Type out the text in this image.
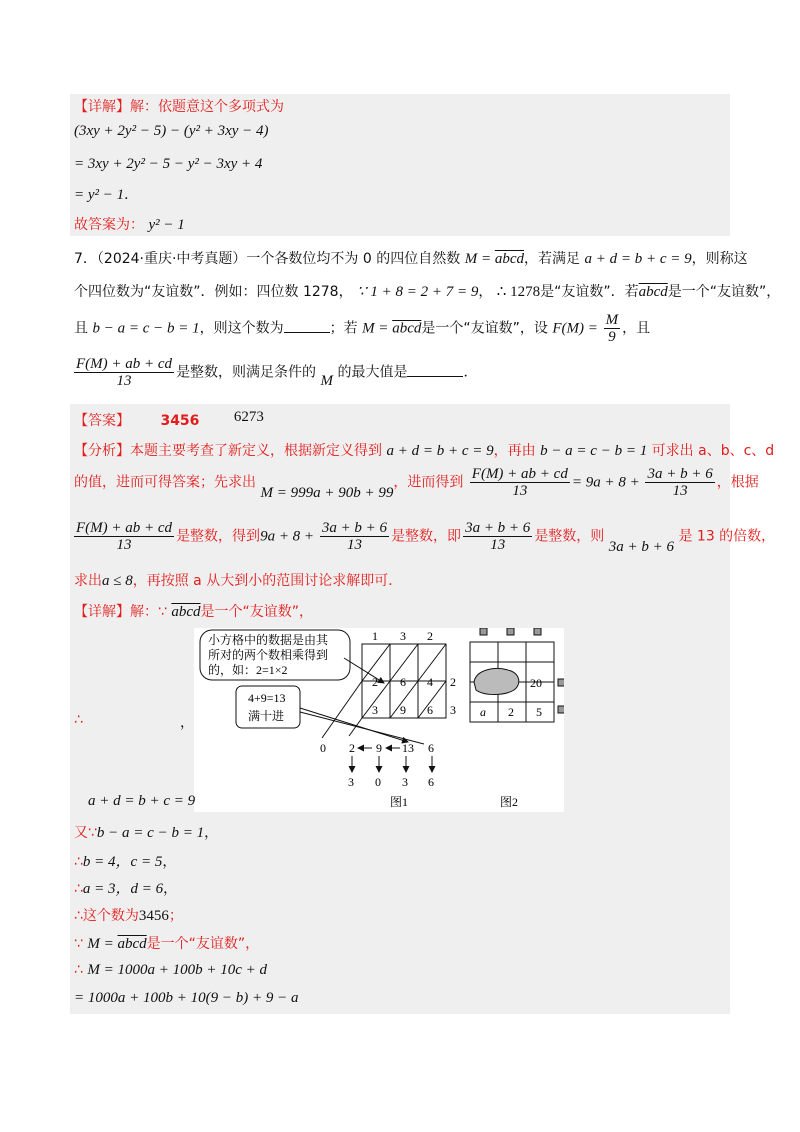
【详解】解：依题意这个多项式为
(3xy + 2y² − 5) − (y² + 3xy − 4)
= 3xy + 2y² − 5 − y² − 3xy + 4
= y² − 1．
故答案为： y² − 1
7．（2024·重庆·中考真题）一个各数位均不为 0 的四位自然数 M = abcd，若满足 a + d = b + c = 9，则称这
个四位数为“友谊数”．例如：四位数 1278， ∵ 1 + 8 = 2 + 7 = 9， ∴ 1278是“友谊数”．若abcd是一个“友谊数”，
且 b − a = c − b = 1，则这个数为	；若 M = abcd是一个“友谊数”，设 $F(M) = \frac{M}{9}$ ，且
$\frac{F(M) + ab + cd}{13}$ 是整数，则满足条件的 M 的最大值是	．
【答案】 3456 6273
【分析】本题主要考查了新定义，根据新定义得到 a + d = b + c = 9，再由 b − a = c − b = 1 可求出 a、b、c、d
的值，进而可得答案；先求出 M = 999a + 90b + 99，进而得到 $\frac{F(M) + ab + cd}{13} = 9a + 8 + \frac{3a + b + 6}{13}$ ，根据
$\frac{F(M) + ab + cd}{13}$ 是整数，得到$9a + 8 + \frac{3a + b + 6}{13}$ 是整数，即 $\frac{3a + b + 6}{13}$ 是整数，则 3a + b + 6 是 13 的倍数，
求出a ≤ 8，再按照 a 从大到小的范围讨论求解即可．
【详解】解：∵ abcd是一个“友谊数”，
∴	，
小方格中的数据是由其
所对的两个数相乘得到
的，如：2=1×2
1 3 2
2 6 4
3 9 6
2
3
4+9=13
满十进
0 2 9 13 6
3 0 3 6
图1
20
a 2 5
图2
a + d = b + c = 9
又∵b − a = c − b = 1，
∴b = 4，c = 5，
∴a = 3，d = 6，
∴这个数为3456；
∵ M = abcd是一个“友谊数”，
∴ M = 1000a + 100b + 10c + d
= 1000a + 100b + 10(9 − b) + 9 − a
